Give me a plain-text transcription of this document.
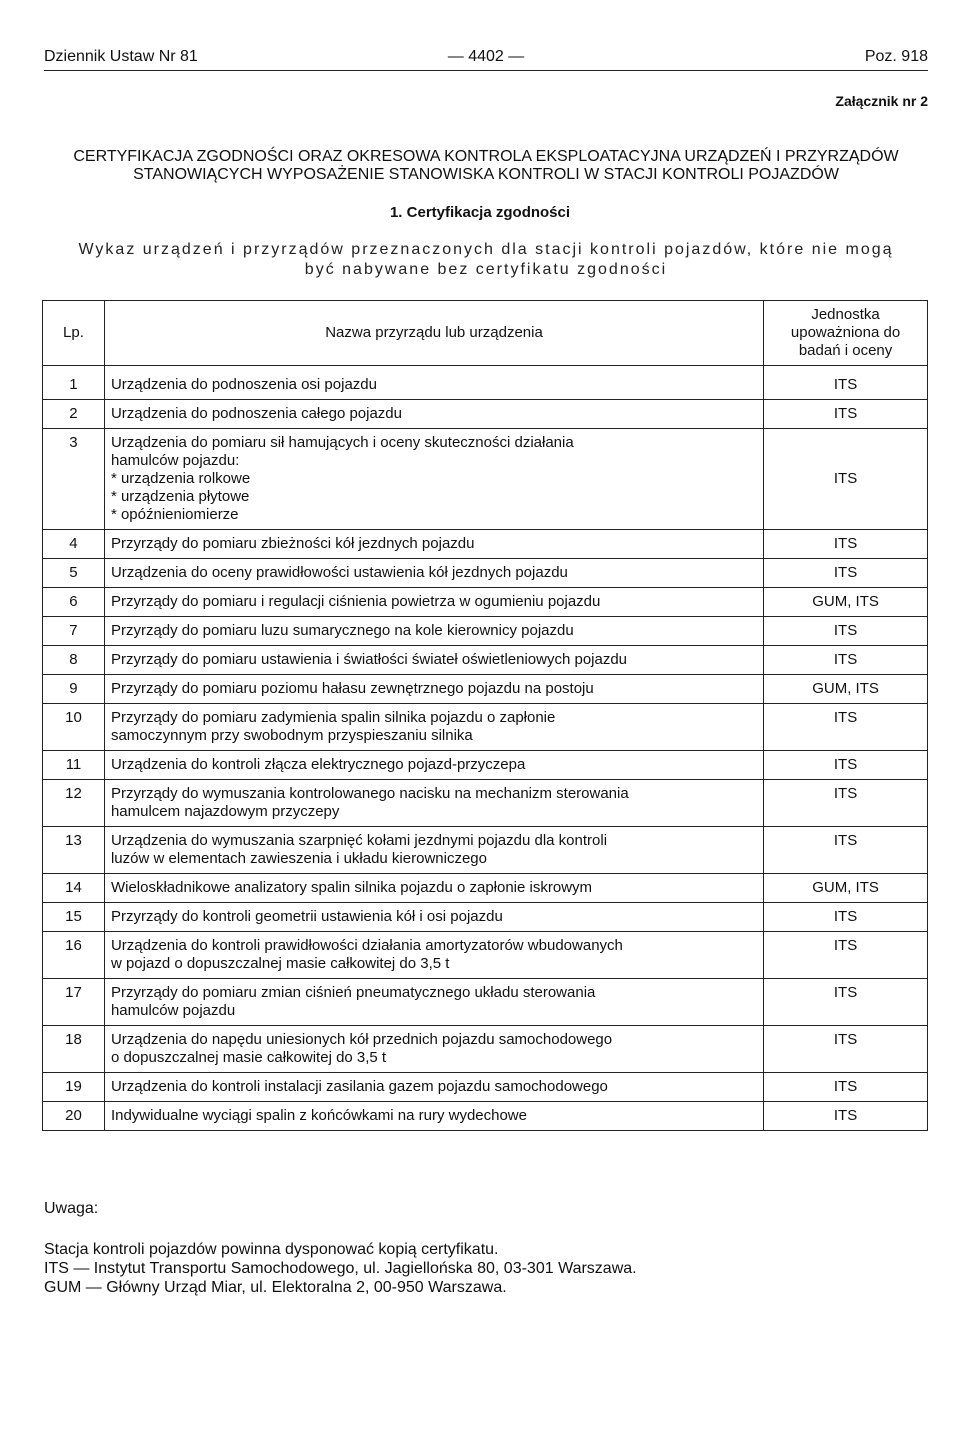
Dziennik Ustaw Nr 81	— 4402 —	Poz. 918
Załącznik nr 2
CERTYFIKACJA ZGODNOŚCI ORAZ OKRESOWA KONTROLA EKSPLOATACYJNA URZĄDZEŃ I PRZYRZĄDÓW
STANOWIĄCYCH WYPOSAŻENIE STANOWISKA KONTROLI W STACJI KONTROLI POJAZDÓW
1. Certyfikacja zgodności
Wykaz urządzeń i przyrządów przeznaczonych dla stacji kontroli pojazdów, które nie mogą
być nabywane bez certyfikatu zgodności
Lp.	Nazwa przyrządu lub urządzenia	Jednostka
upoważniona do
badań i oceny

1	Urządzenia do podnoszenia osi pojazdu	ITS
2	Urządzenia do podnoszenia całego pojazdu	ITS
3	Urządzenia do pomiaru sił hamujących i oceny skuteczności działania
hamulców pojazdu:
* urządzenia rolkowe
* urządzenia płytowe
* opóźnieniomierze	ITS
4	Przyrządy do pomiaru zbieżności kół jezdnych pojazdu	ITS
5	Urządzenia do oceny prawidłowości ustawienia kół jezdnych pojazdu	ITS
6	Przyrządy do pomiaru i regulacji ciśnienia powietrza w ogumieniu pojazdu	GUM, ITS
7	Przyrządy do pomiaru luzu sumarycznego na kole kierownicy pojazdu	ITS
8	Przyrządy do pomiaru ustawienia i światłości świateł oświetleniowych pojazdu	ITS
9	Przyrządy do pomiaru poziomu hałasu zewnętrznego pojazdu na postoju	GUM, ITS
10	Przyrządy do pomiaru zadymienia spalin silnika pojazdu o zapłonie
samoczynnym przy swobodnym przyspieszaniu silnika	ITS
11	Urządzenia do kontroli złącza elektrycznego pojazd-przyczepa	ITS
12	Przyrządy do wymuszania kontrolowanego nacisku na mechanizm sterowania
hamulcem najazdowym przyczepy	ITS
13	Urządzenia do wymuszania szarpnięć kołami jezdnymi pojazdu dla kontroli
luzów w elementach zawieszenia i układu kierowniczego	ITS
14	Wieloskładnikowe analizatory spalin silnika pojazdu o zapłonie iskrowym	GUM, ITS
15	Przyrządy do kontroli geometrii ustawienia kół i osi pojazdu	ITS
16	Urządzenia do kontroli prawidłowości działania amortyzatorów wbudowanych
w pojazd o dopuszczalnej masie całkowitej do 3,5 t	ITS
17	Przyrządy do pomiaru zmian ciśnień pneumatycznego układu sterowania
hamulców pojazdu	ITS
18	Urządzenia do napędu uniesionych kół przednich pojazdu samochodowego
o dopuszczalnej masie całkowitej do 3,5 t	ITS
19	Urządzenia do kontroli instalacji zasilania gazem pojazdu samochodowego	ITS
20	Indywidualne wyciągi spalin z końcówkami na rury wydechowe	ITS
Uwaga:
Stacja kontroli pojazdów powinna dysponować kopią certyfikatu.
ITS — Instytut Transportu Samochodowego, ul. Jagiellońska 80, 03-301 Warszawa.
GUM — Główny Urząd Miar, ul. Elektoralna 2, 00-950 Warszawa.
